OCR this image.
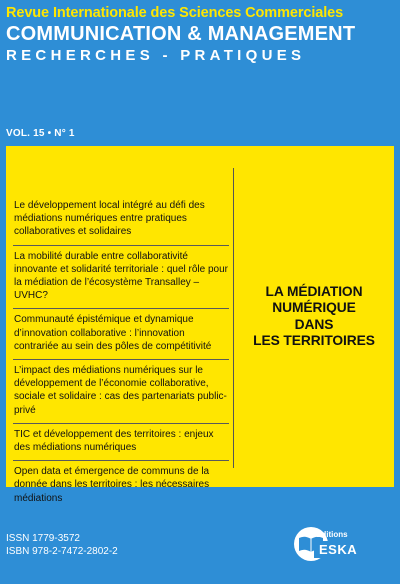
Revue Internationale des Sciences Commerciales
COMMUNICATION & MANAGEMENT
RECHERCHES - PRATIQUES
VOL. 15 • N° 1
Le développement local intégré au défi des médiations numériques entre pratiques collaboratives et solidaires
La mobilité durable entre collaborativité innovante et solidarité territoriale : quel rôle pour la médiation de l’écosystème Transalley – UVHC?
Communauté épistémique et dynamique d’innovation collaborative : l’innovation contrariée au sein des pôles de compétitivité
L’impact des médiations numériques sur le développement de l’économie collaborative, sociale et solidaire : cas des partenariats public-privé
TIC et développement des territoires : enjeux des médiations numériques
Open data et émergence de communs de la donnée dans les territoires : les nécessaires médiations
LA MÉDIATION
NUMÉRIQUE
DANS
LES TERRITOIRES
ISSN 1779-3572
ISBN 978-2-7472-2802-2
Editions
ESKA
